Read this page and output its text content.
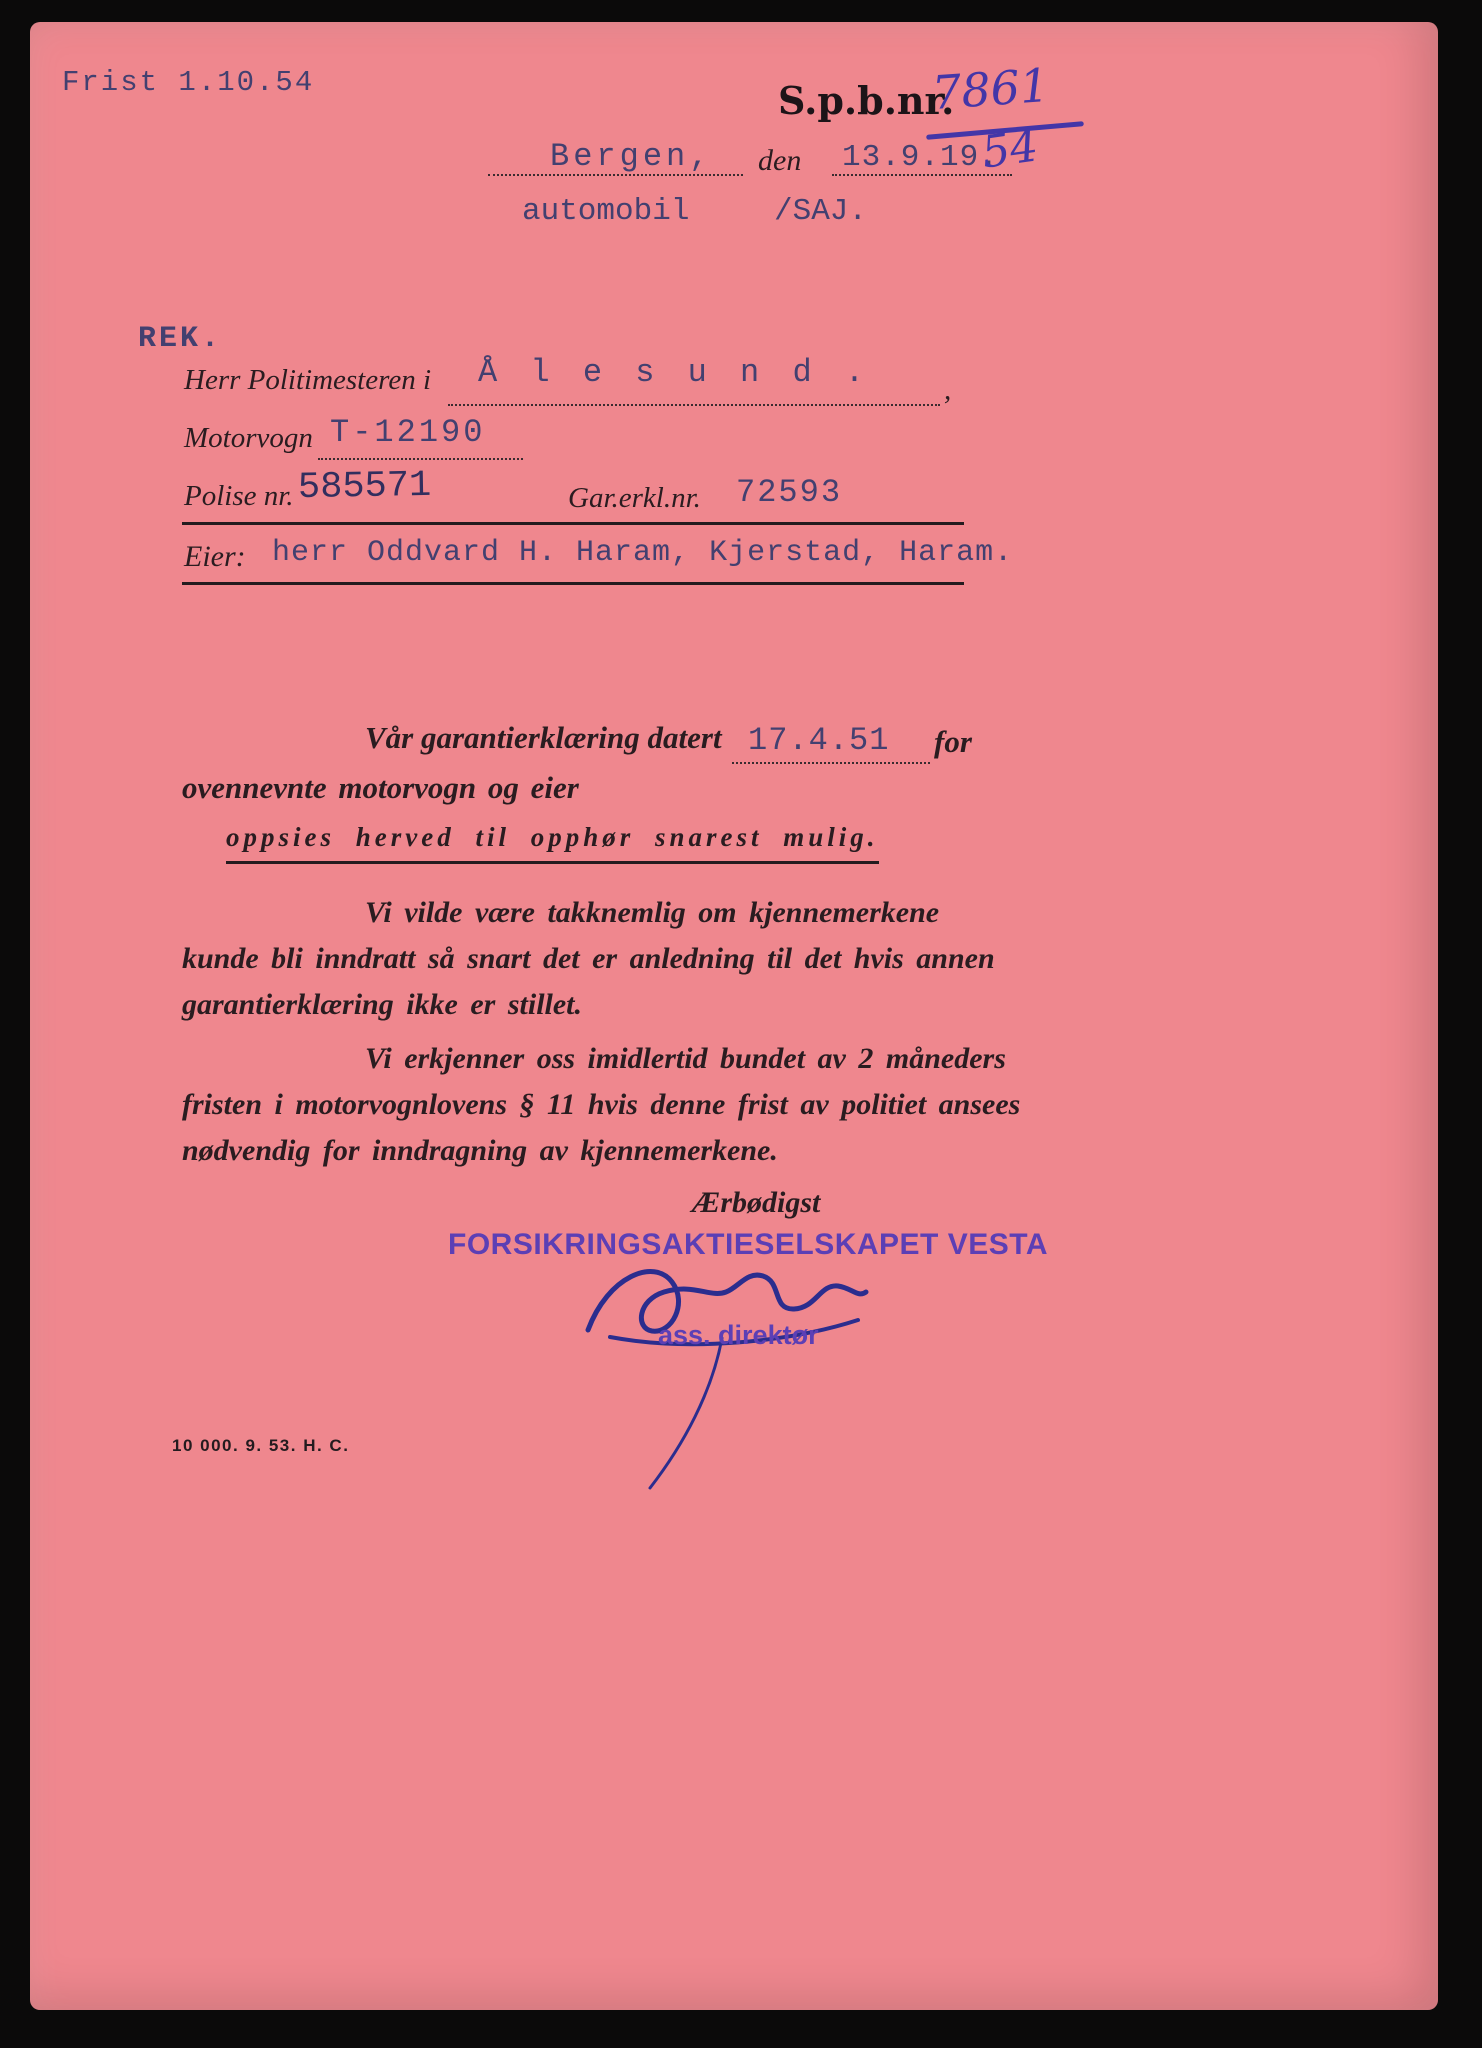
Frist 1.10.54	S.p.b.nr.
7861
Bergen, den 13.9.19.
54
automobil	/SAJ.
REK.
Herr Politimesteren i Å l e s u n d .	,
Motorvogn T-12190
Polise nr. 585571	Gar.erkl.nr. 72593
Eier: herr Oddvard H. Haram, Kjerstad, Haram.
Vår garantierklæring datert 17.4.51 for
ovennevnte motorvogn og eier
oppsies herved til opphør snarest mulig.
Vi vilde være takknemlig om kjennemerkene
kunde bli inndratt så snart det er anledning til det hvis annen
garantierklæring ikke er stillet.
Vi erkjenner oss imidlertid bundet av 2 måneders
fristen i motorvognlovens § 11 hvis denne frist av politiet ansees
nødvendig for inndragning av kjennemerkene.
Ærbødigst
FORSIKRINGSAKTIESELSKAPET VESTA
ass. direktør
10 000. 9. 53. H. C.
